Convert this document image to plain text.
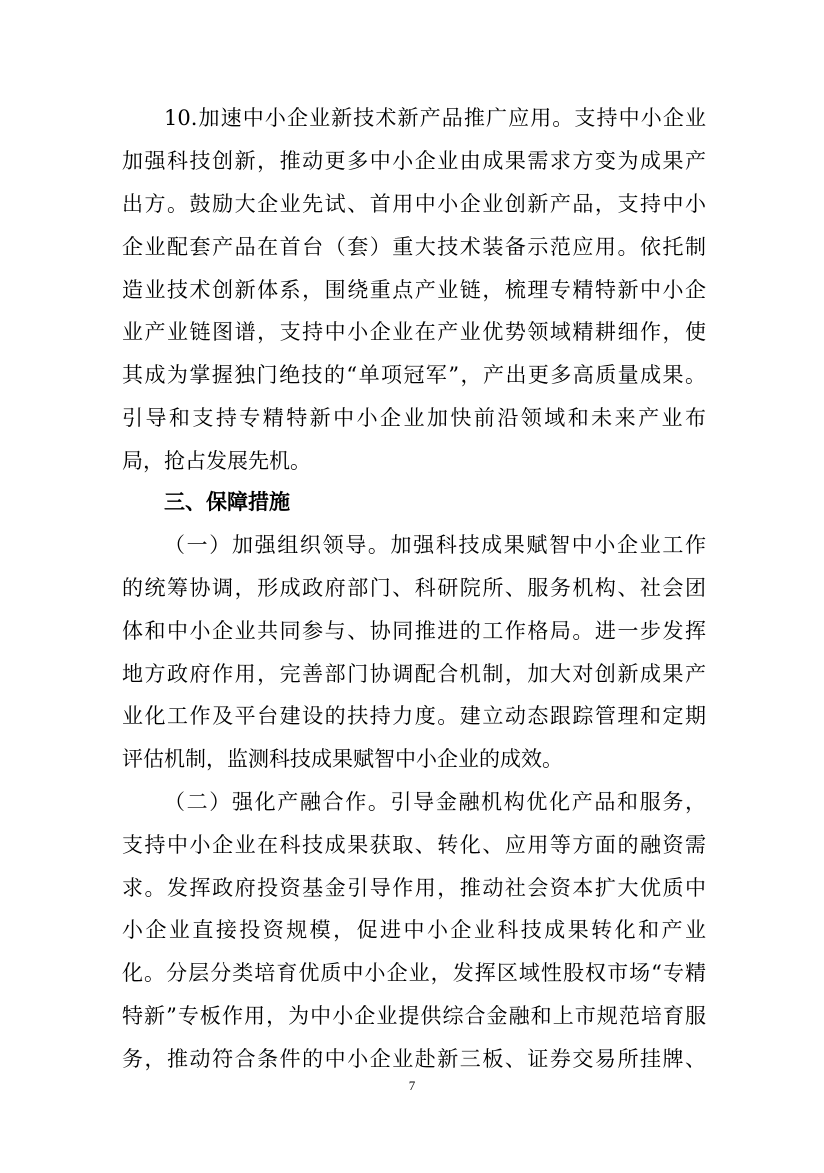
10.加速中小企业新技术新产品推广应用。支持中小企业
加强科技创新，推动更多中小企业由成果需求方变为成果产
出方。鼓励大企业先试、首用中小企业创新产品，支持中小
企业配套产品在首台（套）重大技术装备示范应用。依托制
造业技术创新体系，围绕重点产业链，梳理专精特新中小企
业产业链图谱，支持中小企业在产业优势领域精耕细作，使
其成为掌握独门绝技的“单项冠军”，产出更多高质量成果。
引导和支持专精特新中小企业加快前沿领域和未来产业布
局，抢占发展先机。
三、保障措施
（一）加强组织领导。加强科技成果赋智中小企业工作
的统筹协调，形成政府部门、科研院所、服务机构、社会团
体和中小企业共同参与、协同推进的工作格局。进一步发挥
地方政府作用，完善部门协调配合机制，加大对创新成果产
业化工作及平台建设的扶持力度。建立动态跟踪管理和定期
评估机制，监测科技成果赋智中小企业的成效。
（二）强化产融合作。引导金融机构优化产品和服务，
支持中小企业在科技成果获取、转化、应用等方面的融资需
求。发挥政府投资基金引导作用，推动社会资本扩大优质中
小企业直接投资规模，促进中小企业科技成果转化和产业
化。分层分类培育优质中小企业，发挥区域性股权市场“专精
特新”专板作用，为中小企业提供综合金融和上市规范培育服
务，推动符合条件的中小企业赴新三板、证券交易所挂牌、
7
